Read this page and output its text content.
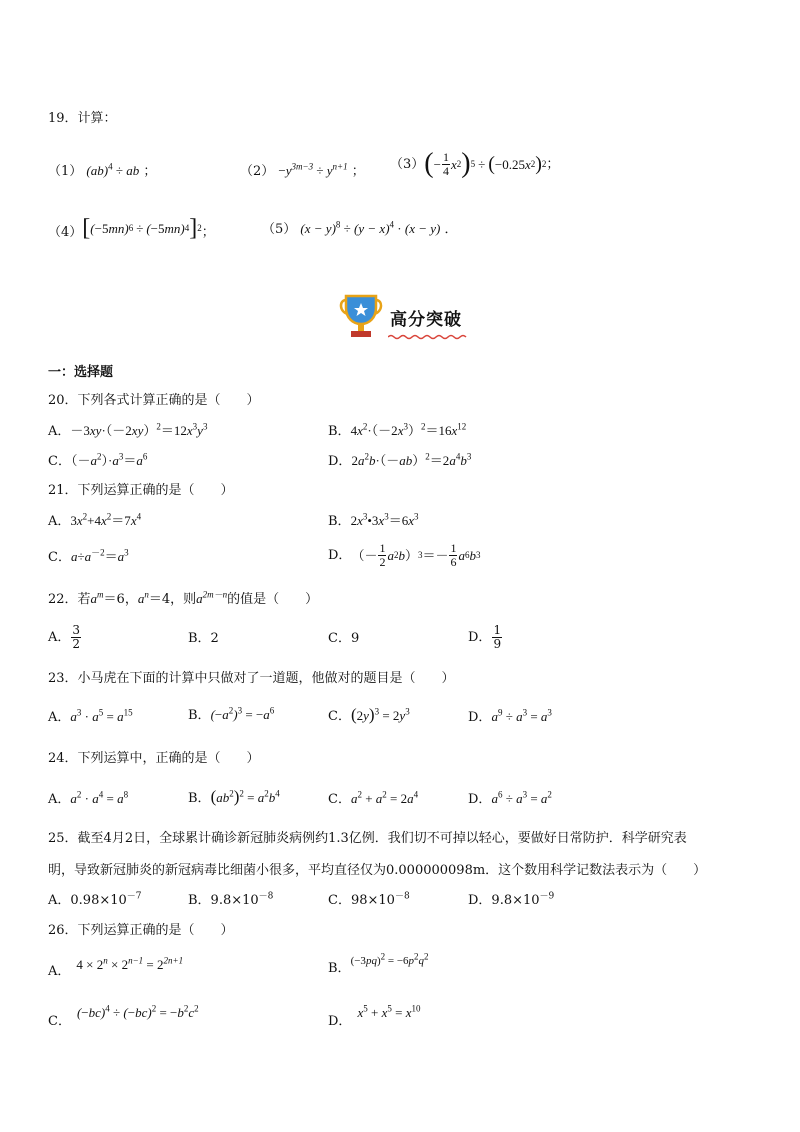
19．计算：
（1） (ab)$^4$ ÷ ab ；	$(2) -y^{3m-3} \div y^{n+1}$ ； （3） ( − $\frac{1}{4}$ x 2 ) 5 ÷ ( −0.25 x 2 ) 2 ；
（4） [ ( −5 mn) 6 ÷ ( −5 mn) 4 ] 2 ；	（5） $(x - y)^8 \div (y - x)^4 \cdot (x - y)$ ．
高分突破
一：选择题
20．下列各式计算正确的是（　　）
A．$-3xy\cdot(-2xy)^2=12x^3y^3$	B．$4x^2\cdot(-2x^3)^2=16x^{12}$
C．$(-a^2)\cdot a^3=a^6$	D．$2a^2b\cdot(-ab)^2=2a^4b^3$
21．下列运算正确的是（　　）
A．$3x^2+4x^2=7x^4$	B．$2x^3•3x^3=6x^3$
C．$a\div a^{-2}=a^3$	D． （－ $\frac{1}{2}$ a 2 b ） $3 =- \frac{1}{6}$ a 6 b 3
22．若$a^m=6$，$a^n=4$，则$a^{2m-n}$的值是（　　）
A． $\frac{3}{2}$	B．2	C．9	D． $\frac{1}{9}$
23．小马虎在下面的计算中只做对了一道题，他做对的题目是（　　）
A．$a^3 \cdot a^5 = a^{15}$	B．$(-a^2)^3 = -a^6$	C．$(2y)^3 = 2y^3$	D．$a^9 \div a^3 = a^3$
24．下列运算中，正确的是（　　）
A．$a^2 \cdot a^4 = a^8$	B．$(ab^2)^2 = a^2b^4$	C．$a^2 + a^2 = 2a^4$	D．$a^6 \div a^3 = a^2$
25．截至4月2日，全球累计确诊新冠肺炎病例约1.3亿例．我们切不可掉以轻心，要做好日常防护．科学研究表
明，导致新冠肺炎的新冠病毒比细菌小很多，平均直径仅为0.000000098m．这个数用科学记数法表示为（　　）
A．$0.98\times 10^{-7}$	B．$9.8\times 10^{-8}$	C．$98\times 10^{-8}$	D．$9.8\times 10^{-9}$
26．下列运算正确的是（　　）
A． $4 \times 2^n \times 2^{n-1} = 2^{2n+1}$
B．$(-3pq)^2 = -6p^2q^2$
C．$(-bc)^4 \div (-bc)^2 = -b^2c^2$
D．$x^5 + x^5 = x^{10}$
